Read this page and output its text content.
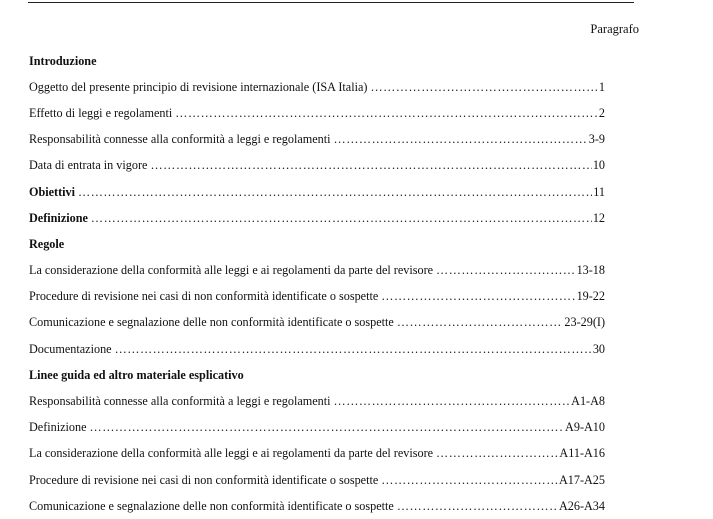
Paragrafo
Introduzione
Oggetto del presente principio di revisione internazionale (ISA Italia) ……………………………………………………………………………………………………………………………………………………………………………………………………	1
Effetto di leggi e regolamenti ……………………………………………………………………………………………………………………………………………………………………………………………………	2
Responsabilità connesse alla conformità a leggi e regolamenti ……………………………………………………………………………………………………………………………………………………………………………………………………	3-9
Data di entrata in vigore ……………………………………………………………………………………………………………………………………………………………………………………………………	10
Obiettivi ……………………………………………………………………………………………………………………………………………………………………………………………………	11
Definizione ……………………………………………………………………………………………………………………………………………………………………………………………………	12
Regole
La considerazione della conformità alle leggi e ai regolamenti da parte del revisore ……………………………………………………………………………………………………………………………………………………………………………………………………	13-18
Procedure di revisione nei casi di non conformità identificate o sospette ……………………………………………………………………………………………………………………………………………………………………………………………………	19-22
Comunicazione e segnalazione delle non conformità identificate o sospette ……………………………………………………………………………………………………………………………………………………………………………………………………	23-29(I)
Documentazione ……………………………………………………………………………………………………………………………………………………………………………………………………	30
Linee guida ed altro materiale esplicativo
Responsabilità connesse alla conformità a leggi e regolamenti ……………………………………………………………………………………………………………………………………………………………………………………………………	A1-A8
Definizione ……………………………………………………………………………………………………………………………………………………………………………………………………	A9-A10
La considerazione della conformità alle leggi e ai regolamenti da parte del revisore ……………………………………………………………………………………………………………………………………………………………………………………………………	A11-A16
Procedure di revisione nei casi di non conformità identificate o sospette ……………………………………………………………………………………………………………………………………………………………………………………………………	A17-A25
Comunicazione e segnalazione delle non conformità identificate o sospette ……………………………………………………………………………………………………………………………………………………………………………………………………	A26-A34
